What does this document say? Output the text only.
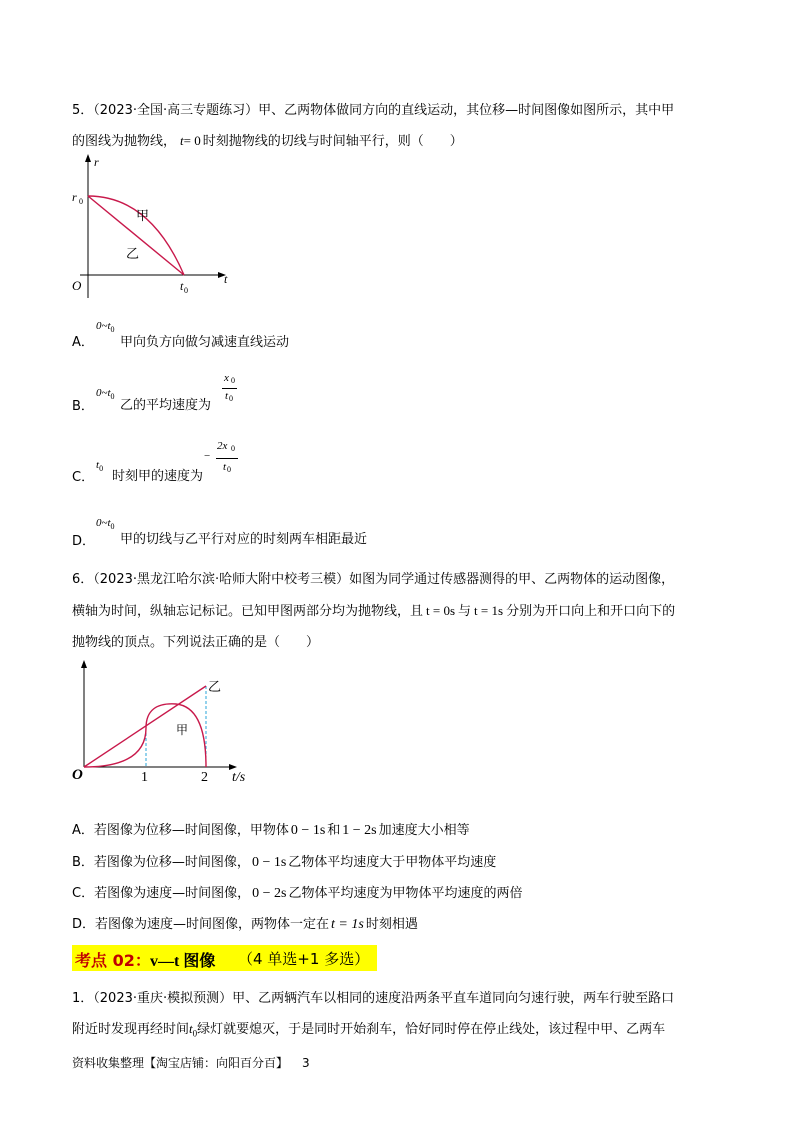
5．（2023·全国·高三专题练习）甲、乙两物体做同方向的直线运动，其位移—时间图像如图所示，其中甲
的图线为抛物线， t= 0 时刻抛物线的切线与时间轴平行，则（　　）
r
t
O
r 0
t 0
甲
乙
A．
$0\sim t_0$
甲向负方向做匀减速直线运动
B．
$0\sim t_0$
乙的平均速度为
x 0
t 0
C．
$t_0$
时刻甲的速度为
−
2x 0
t 0
D．
$0\sim t_0$
甲的切线与乙平行对应的时刻两车相距最近
6．（2023·黑龙江哈尔滨·哈师大附中校考三模）如图为同学通过传感器测得的甲、乙两物体的运动图像，
横轴为时间，纵轴忘记标记。已知甲图两部分均为抛物线，且 t = 0s 与 t = 1s 分别为开口向上和开口向下的
抛物线的顶点。下列说法正确的是（　　）
O	1	2 t/s
乙
甲
A．若图像为位移—时间图像，甲物体 0 − 1s 和 1 − 2s 加速度大小相等
B．若图像为位移—时间图像， 0 − 1s 乙物体平均速度大于甲物体平均速度
C．若图像为速度—时间图像， 0 − 2s 乙物体平均速度为甲物体平均速度的两倍
D．若图像为速度—时间图像，两物体一定在 t = 1s 时刻相遇
考点 02： v—t 图像 （4 单选+1 多选）
1．（2023·重庆·模拟预测）甲、乙两辆汽车以相同的速度沿两条平直车道同向匀速行驶，两车行驶至路口
附近时发现再经时间$t_0$绿灯就要熄灭，于是同时开始刹车，恰好同时停在停止线处，该过程中甲、乙两车
资料收集整理【淘宝店铺：向阳百分百】 3
